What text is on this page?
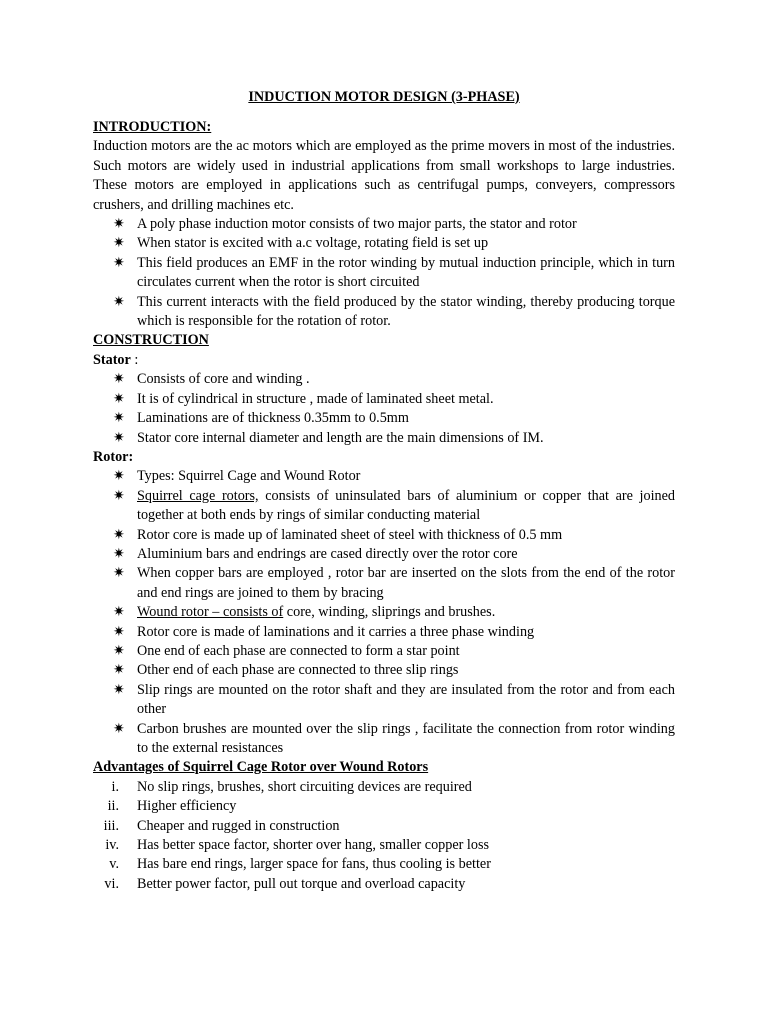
INDUCTION MOTOR DESIGN (3-PHASE)
INTRODUCTION:
Induction motors are the ac motors which are employed as the prime movers in most of the industries. Such motors are widely used in industrial applications from small workshops to large industries. These motors are employed in applications such as centrifugal pumps, conveyers, compressors crushers, and drilling machines etc.
✷ A poly phase induction motor consists of two major parts, the stator and rotor
✷ When stator is excited with a.c voltage, rotating field is set up
✷ This field produces an EMF in the rotor winding by mutual induction principle, which in turn circulates current when the rotor is short circuited
✷ This current interacts with the field produced by the stator winding, thereby producing torque which is responsible for the rotation of rotor.
CONSTRUCTION
Stator :
✷ Consists of core and winding .
✷ It is of cylindrical in structure , made of laminated sheet metal.
✷ Laminations are of thickness 0.35mm to 0.5mm
✷ Stator core internal diameter and length are the main dimensions of IM.
Rotor:
✷ Types: Squirrel Cage and Wound Rotor
✷ Squirrel cage rotors, consists of uninsulated bars of aluminium or copper that are joined together at both ends by rings of similar conducting material
✷ Rotor core is made up of laminated sheet of steel with thickness of 0.5 mm
✷ Aluminium bars and endrings are cased directly over the rotor core
✷ When copper bars are employed , rotor bar are inserted on the slots from the end of the rotor and end rings are joined to them by bracing
✷ Wound rotor – consists of core, winding, sliprings and brushes.
✷ Rotor core is made of laminations and it carries a three phase winding
✷ One end of each phase are connected to form a star point
✷ Other end of each phase are connected to three slip rings
✷ Slip rings are mounted on the rotor shaft and they are insulated from the rotor and from each other
✷ Carbon brushes are mounted over the slip rings , facilitate the connection from rotor winding to the external resistances
Advantages of Squirrel Cage Rotor over Wound Rotors
i. No slip rings, brushes, short circuiting devices are required
ii. Higher efficiency
iii. Cheaper and rugged in construction
iv. Has better space factor, shorter over hang, smaller copper loss
v. Has bare end rings, larger space for fans, thus cooling is better
vi. Better power factor, pull out torque and overload capacity
